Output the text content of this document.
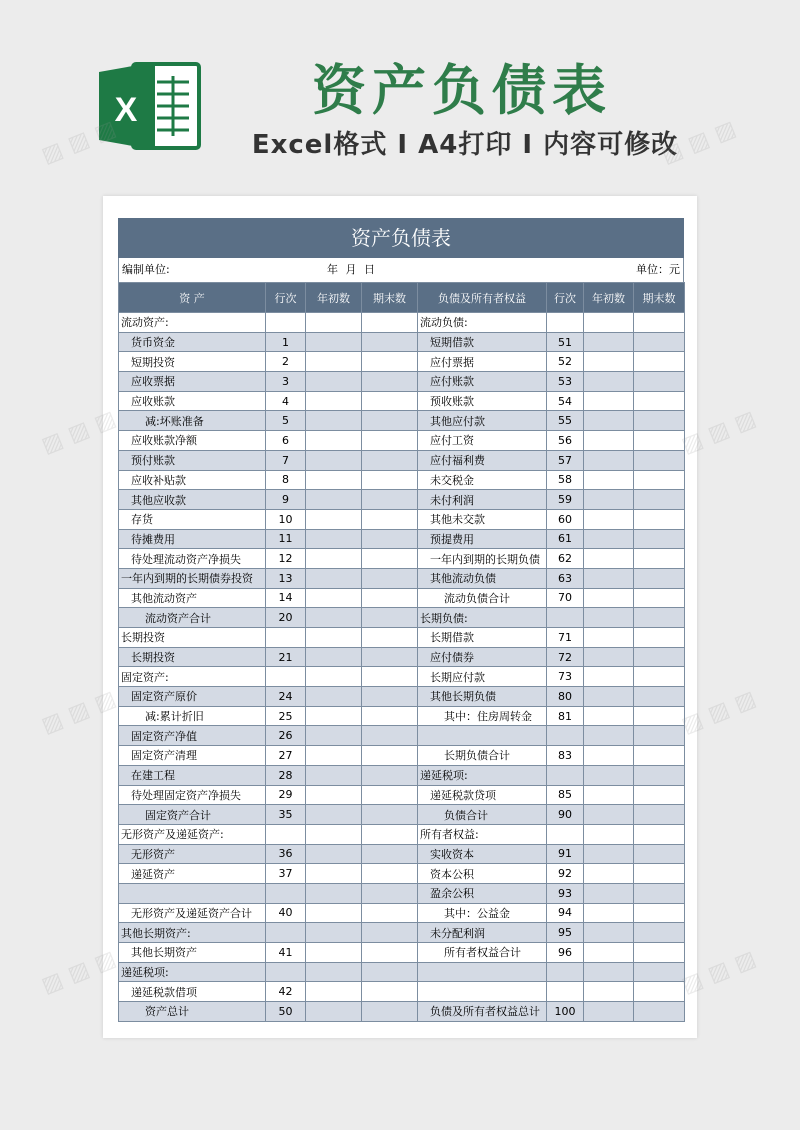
X	资产负债表
Excel格式 I A4打印 I 内容可修改
资产负债表
编制单位:	年 月 日	单位：元
资 产	行次	年初数	期末数	负债及所有者权益	行次	年初数	期末数
流动资产:				流动负债:			
货币资金	1			短期借款	51		
短期投资	2			应付票据	52		
应收票据	3			应付账款	53		
应收账款	4			预收账款	54		
减:坏账准备	5			其他应付款	55		
应收账款净额	6			应付工资	56		
预付账款	7			应付福利费	57		
应收补贴款	8			未交税金	58		
其他应收款	9			未付利润	59		
存货	10			其他未交款	60		
待摊费用	11			预提费用	61		
待处理流动资产净损失	12			一年内到期的长期负债	62		
一年内到期的长期债券投资	13			其他流动负债	63		
其他流动资产	14			流动负债合计	70		
流动资产合计	20			长期负债:			
长期投资				长期借款	71		
长期投资	21			应付债券	72		
固定资产:				长期应付款	73		
固定资产原价	24			其他长期负债	80		
减:累计折旧	25			其中：住房周转金	81		
固定资产净值	26						
固定资产清理	27			长期负债合计	83		
在建工程	28			递延税项:			
待处理固定资产净损失	29			递延税款贷项	85		
固定资产合计	35			负债合计	90		
无形资产及递延资产:				所有者权益:			
无形资产	36			实收资本	91		
递延资产	37			资本公积	92		
				盈余公积	93		
无形资产及递延资产合计	40			其中：公益金	94		
其他长期资产:				未分配利润	95		
其他长期资产	41			所有者权益合计	96		
递延税项:							
递延税款借项	42						
资产总计	50			负债及所有者权益总计	100		
▨ ▨ ▨	▨ ▨ ▨
▨ ▨ ▨	▨ ▨ ▨
▨ ▨ ▨	▨ ▨ ▨
▨ ▨ ▨	▨ ▨ ▨
